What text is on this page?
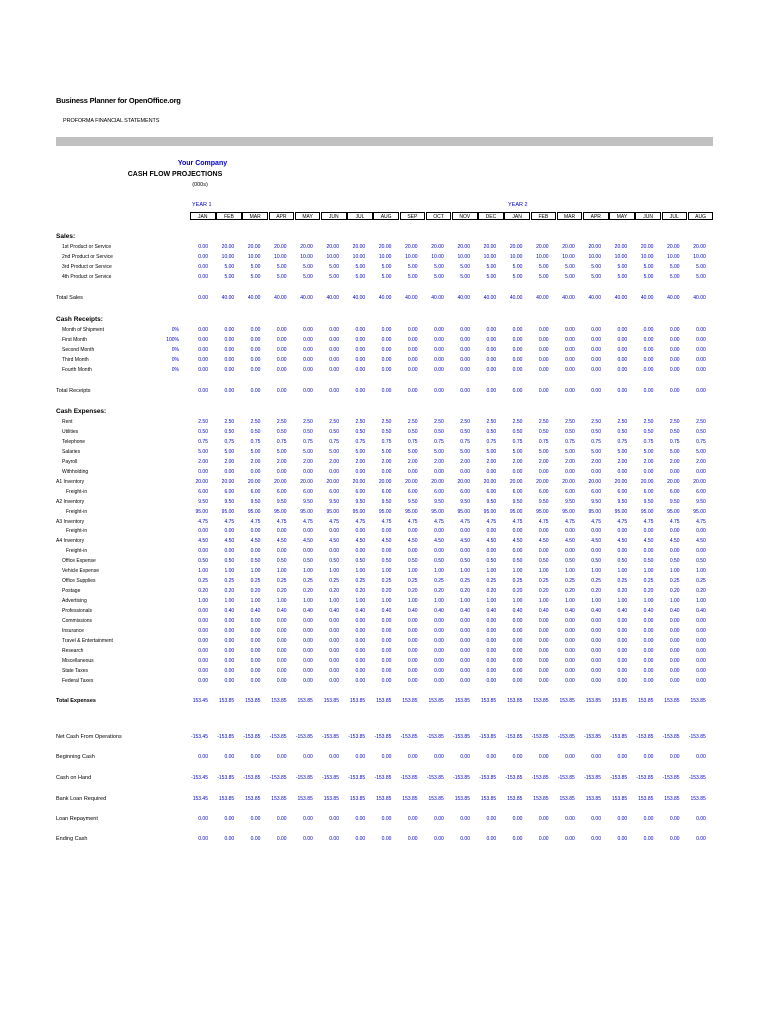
Business Planner for OpenOffice.org
PROFORMA FINANCIAL STATEMENTS
Your Company
CASH FLOW PROJECTIONS
(000s)
YEAR 1	YEAR 2
JAN	FEB	MAR	APR	MAY	JUN	JUL	AUG	SEP	OCT	NOV	DEC	JAN	FEB	MAR	APR	MAY	JUN	JUL	AUG
Sales:
1st Product or Service	0.00	20.00	20.00	20.00	20.00	20.00	20.00	20.00	20.00	20.00	20.00	20.00	20.00	20.00	20.00	20.00	20.00	20.00	20.00	20.00
2nd Product or Service	0.00	10.00	10.00	10.00	10.00	10.00	10.00	10.00	10.00	10.00	10.00	10.00	10.00	10.00	10.00	10.00	10.00	10.00	10.00	10.00
3rd Product or Service	0.00	5.00	5.00	5.00	5.00	5.00	5.00	5.00	5.00	5.00	5.00	5.00	5.00	5.00	5.00	5.00	5.00	5.00	5.00	5.00
4th Product or Service	0.00	5.00	5.00	5.00	5.00	5.00	5.00	5.00	5.00	5.00	5.00	5.00	5.00	5.00	5.00	5.00	5.00	5.00	5.00	5.00
Total Sales	0.00	40.00	40.00	40.00	40.00	40.00	40.00	40.00	40.00	40.00	40.00	40.00	40.00	40.00	40.00	40.00	40.00	40.00	40.00	40.00
Cash Receipts:
Month of Shipment	0%	0.00	0.00	0.00	0.00	0.00	0.00	0.00	0.00	0.00	0.00	0.00	0.00	0.00	0.00	0.00	0.00	0.00	0.00	0.00	0.00
First Month	100%	0.00	0.00	0.00	0.00	0.00	0.00	0.00	0.00	0.00	0.00	0.00	0.00	0.00	0.00	0.00	0.00	0.00	0.00	0.00	0.00
Second Month	0%	0.00	0.00	0.00	0.00	0.00	0.00	0.00	0.00	0.00	0.00	0.00	0.00	0.00	0.00	0.00	0.00	0.00	0.00	0.00	0.00
Third Month	0%	0.00	0.00	0.00	0.00	0.00	0.00	0.00	0.00	0.00	0.00	0.00	0.00	0.00	0.00	0.00	0.00	0.00	0.00	0.00	0.00
Fourth Month	0%	0.00	0.00	0.00	0.00	0.00	0.00	0.00	0.00	0.00	0.00	0.00	0.00	0.00	0.00	0.00	0.00	0.00	0.00	0.00	0.00
Total Receipts	0.00	0.00	0.00	0.00	0.00	0.00	0.00	0.00	0.00	0.00	0.00	0.00	0.00	0.00	0.00	0.00	0.00	0.00	0.00	0.00
Cash Expenses:
Rent	2.50	2.50	2.50	2.50	2.50	2.50	2.50	2.50	2.50	2.50	2.50	2.50	2.50	2.50	2.50	2.50	2.50	2.50	2.50	2.50
Utilities	0.50	0.50	0.50	0.50	0.50	0.50	0.50	0.50	0.50	0.50	0.50	0.50	0.50	0.50	0.50	0.50	0.50	0.50	0.50	0.50
Telephone	0.75	0.75	0.75	0.75	0.75	0.75	0.75	0.75	0.75	0.75	0.75	0.75	0.75	0.75	0.75	0.75	0.75	0.75	0.75	0.75
Salaries	5.00	5.00	5.00	5.00	5.00	5.00	5.00	5.00	5.00	5.00	5.00	5.00	5.00	5.00	5.00	5.00	5.00	5.00	5.00	5.00
Payroll	2.00	2.00	2.00	2.00	2.00	2.00	2.00	2.00	2.00	2.00	2.00	2.00	2.00	2.00	2.00	2.00	2.00	2.00	2.00	2.00
Withholding	0.00	0.00	0.00	0.00	0.00	0.00	0.00	0.00	0.00	0.00	0.00	0.00	0.00	0.00	0.00	0.00	0.00	0.00	0.00	0.00
A1 Inventory	20.00	20.00	20.00	20.00	20.00	20.00	20.00	20.00	20.00	20.00	20.00	20.00	20.00	20.00	20.00	20.00	20.00	20.00	20.00	20.00
Freight-in	6.00	6.00	6.00	6.00	6.00	6.00	6.00	6.00	6.00	6.00	6.00	6.00	6.00	6.00	6.00	6.00	6.00	6.00	6.00	6.00
A2 Inventory	9.50	9.50	9.50	9.50	9.50	9.50	9.50	9.50	9.50	9.50	9.50	9.50	9.50	9.50	9.50	9.50	9.50	9.50	9.50	9.50
Freight-in	95.00	95.00	95.00	95.00	95.00	95.00	95.00	95.00	95.00	95.00	95.00	95.00	95.00	95.00	95.00	95.00	95.00	95.00	95.00	95.00
A3 Inventory	4.75	4.75	4.75	4.75	4.75	4.75	4.75	4.75	4.75	4.75	4.75	4.75	4.75	4.75	4.75	4.75	4.75	4.75	4.75	4.75
Freight-in	0.00	0.00	0.00	0.00	0.00	0.00	0.00	0.00	0.00	0.00	0.00	0.00	0.00	0.00	0.00	0.00	0.00	0.00	0.00	0.00
A4 Inventory	4.50	4.50	4.50	4.50	4.50	4.50	4.50	4.50	4.50	4.50	4.50	4.50	4.50	4.50	4.50	4.50	4.50	4.50	4.50	4.50
Freight-in	0.00	0.00	0.00	0.00	0.00	0.00	0.00	0.00	0.00	0.00	0.00	0.00	0.00	0.00	0.00	0.00	0.00	0.00	0.00	0.00
Office Expense	0.50	0.50	0.50	0.50	0.50	0.50	0.50	0.50	0.50	0.50	0.50	0.50	0.50	0.50	0.50	0.50	0.50	0.50	0.50	0.50
Vehicle Expense	1.00	1.00	1.00	1.00	1.00	1.00	1.00	1.00	1.00	1.00	1.00	1.00	1.00	1.00	1.00	1.00	1.00	1.00	1.00	1.00
Office Supplies	0.25	0.25	0.25	0.25	0.25	0.25	0.25	0.25	0.25	0.25	0.25	0.25	0.25	0.25	0.25	0.25	0.25	0.25	0.25	0.25
Postage	0.20	0.20	0.20	0.20	0.20	0.20	0.20	0.20	0.20	0.20	0.20	0.20	0.20	0.20	0.20	0.20	0.20	0.20	0.20	0.20
Advertising	1.00	1.00	1.00	1.00	1.00	1.00	1.00	1.00	1.00	1.00	1.00	1.00	1.00	1.00	1.00	1.00	1.00	1.00	1.00	1.00
Professionals	0.00	0.40	0.40	0.40	0.40	0.40	0.40	0.40	0.40	0.40	0.40	0.40	0.40	0.40	0.40	0.40	0.40	0.40	0.40	0.40
Commissions	0.00	0.00	0.00	0.00	0.00	0.00	0.00	0.00	0.00	0.00	0.00	0.00	0.00	0.00	0.00	0.00	0.00	0.00	0.00	0.00
Insurance	0.00	0.00	0.00	0.00	0.00	0.00	0.00	0.00	0.00	0.00	0.00	0.00	0.00	0.00	0.00	0.00	0.00	0.00	0.00	0.00
Travel & Entertainment	0.00	0.00	0.00	0.00	0.00	0.00	0.00	0.00	0.00	0.00	0.00	0.00	0.00	0.00	0.00	0.00	0.00	0.00	0.00	0.00
Research	0.00	0.00	0.00	0.00	0.00	0.00	0.00	0.00	0.00	0.00	0.00	0.00	0.00	0.00	0.00	0.00	0.00	0.00	0.00	0.00
Miscellaneous	0.00	0.00	0.00	0.00	0.00	0.00	0.00	0.00	0.00	0.00	0.00	0.00	0.00	0.00	0.00	0.00	0.00	0.00	0.00	0.00
State Taxes	0.00	0.00	0.00	0.00	0.00	0.00	0.00	0.00	0.00	0.00	0.00	0.00	0.00	0.00	0.00	0.00	0.00	0.00	0.00	0.00
Federal Taxes	0.00	0.00	0.00	0.00	0.00	0.00	0.00	0.00	0.00	0.00	0.00	0.00	0.00	0.00	0.00	0.00	0.00	0.00	0.00	0.00
Total Expenses	153.45	153.85	153.85	153.85	153.85	153.85	153.85	153.85	153.85	153.85	153.85	153.85	153.85	153.85	153.85	153.85	153.85	153.85	153.85	153.85
Net Cash From Operations	-153.45	-153.85	-153.85	-153.85	-153.85	-153.85	-153.85	-153.85	-153.85	-153.85	-153.85	-153.85	-153.85	-153.85	-153.85	-153.85	-153.85	-153.85	-153.85	-153.85
Beginning Cash	0.00	0.00	0.00	0.00	0.00	0.00	0.00	0.00	0.00	0.00	0.00	0.00	0.00	0.00	0.00	0.00	0.00	0.00	0.00	0.00
Cash on Hand	-153.45	-153.85	-153.85	-153.85	-153.85	-153.85	-153.85	-153.85	-153.85	-153.85	-153.85	-153.85	-153.85	-153.85	-153.85	-153.85	-153.85	-153.85	-153.85	-153.85
Bank Loan Required	153.45	153.85	153.85	153.85	153.85	153.85	153.85	153.85	153.85	153.85	153.85	153.85	153.85	153.85	153.85	153.85	153.85	153.85	153.85	153.85
Loan Repayment	0.00	0.00	0.00	0.00	0.00	0.00	0.00	0.00	0.00	0.00	0.00	0.00	0.00	0.00	0.00	0.00	0.00	0.00	0.00	0.00
Ending Cash	0.00	0.00	0.00	0.00	0.00	0.00	0.00	0.00	0.00	0.00	0.00	0.00	0.00	0.00	0.00	0.00	0.00	0.00	0.00	0.00
